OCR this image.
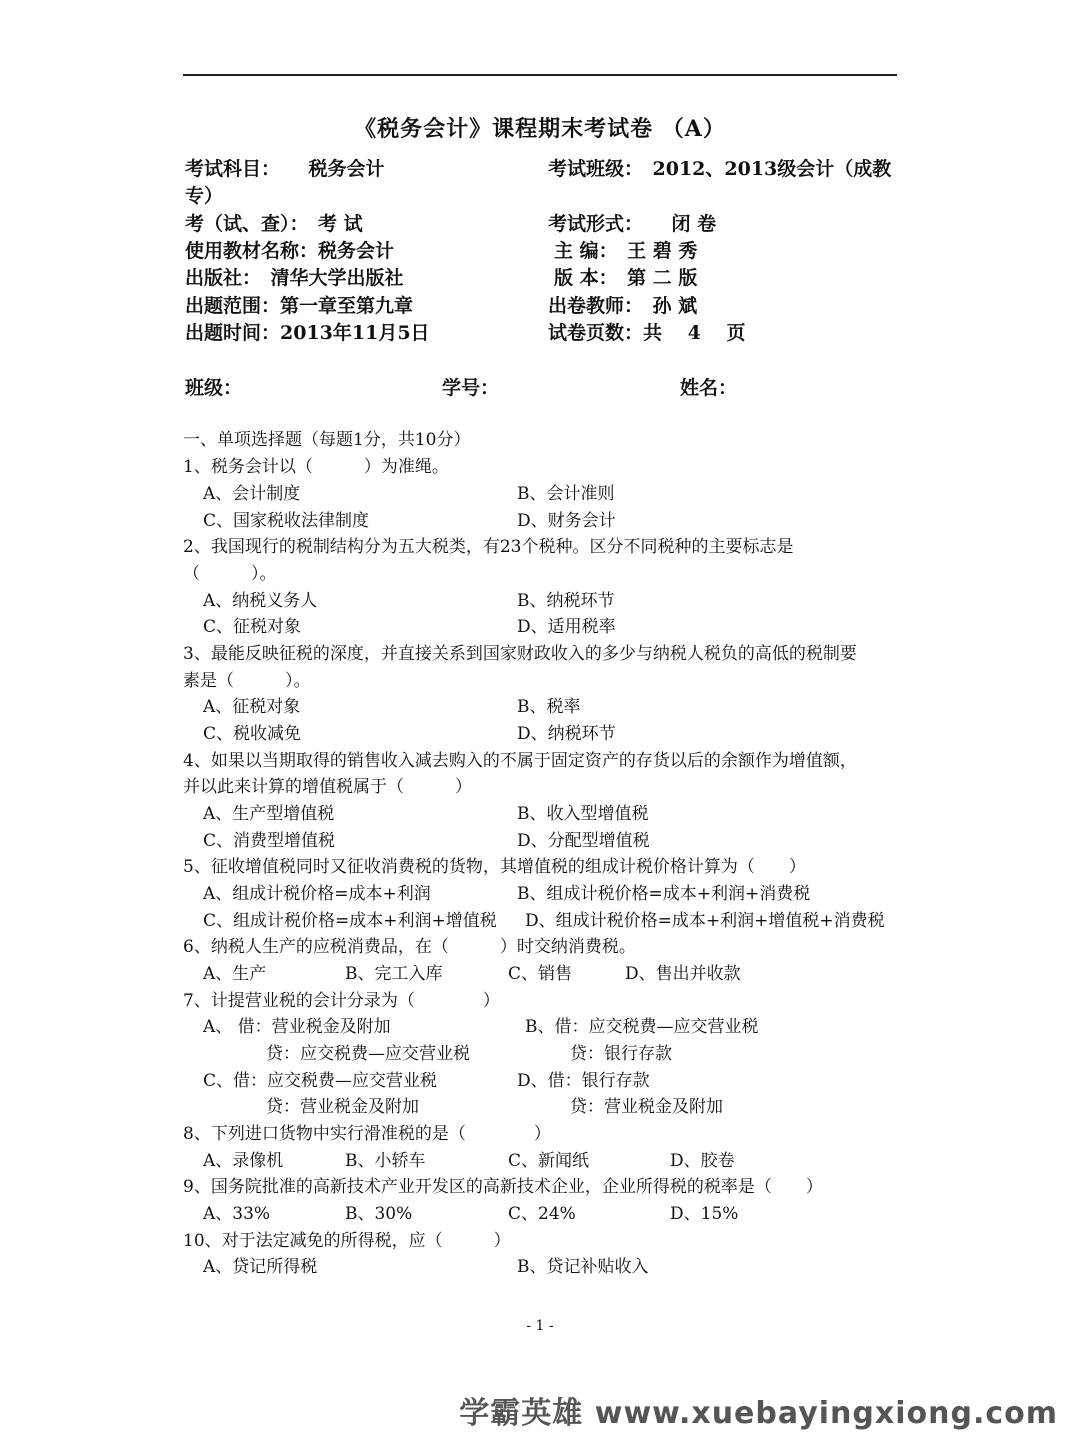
《税务会计》课程期末考试卷 （A）
考试科目：　　税务会计	考试班级：　2012、2013级会计（成教
专）
考（试、查）：　考 试	考试形式：　　闭 卷
使用教材名称：税务会计	主 编：　王 碧 秀
出版社：　清华大学出版社	版 本：　第 二 版
出题范围：第一章至第九章	出卷教师：　孙 斌
出题时间：2013年11月5日	试卷页数：共　 4　 页
班级：	学号：	姓名：
一、单项选择题（每题1分，共10分）
1、税务会计以（　　　）为准绳。
A、会计制度	B、会计准则
C、国家税收法律制度	D、财务会计
2、我国现行的税制结构分为五大税类，有23个税种。区分不同税种的主要标志是
（　　　）。
A、纳税义务人	B、纳税环节
C、征税对象	D、适用税率
3、最能反映征税的深度，并直接关系到国家财政收入的多少与纳税人税负的高低的税制要
素是（　　　）。
A、征税对象	B、税率
C、税收减免	D、纳税环节
4、如果以当期取得的销售收入减去购入的不属于固定资产的存货以后的余额作为增值额，
并以此来计算的增值税属于（　　　）
A、生产型增值税	B、收入型增值税
C、消费型增值税	D、分配型增值税
5、征收增值税同时又征收消费税的货物，其增值税的组成计税价格计算为（　　）
A、组成计税价格=成本+利润	B、组成计税价格=成本+利润+消费税
C、组成计税价格=成本+利润+增值税 D、组成计税价格=成本+利润+增值税+消费税
6、纳税人生产的应税消费品，在（　　　）时交纳消费税。
A、生产	B、完工入库	C、销售	D、售出并收款
7、计提营业税的会计分录为（　　　　）
A、 借：营业税金及附加	B、借：应交税费—应交营业税
贷：应交税费—应交营业税	贷：银行存款
C、借：应交税费—应交营业税	D、借：银行存款
贷：营业税金及附加	贷：营业税金及附加
8、下列进口货物中实行滑准税的是（　　　　）
A、录像机	B、小轿车	C、新闻纸	D、胶卷
9、国务院批准的高新技术产业开发区的高新技术企业，企业所得税的税率是（　　）
A、33%	B、30%	C、24%	D、15%
10、对于法定减免的所得税，应（　　　）
A、贷记所得税	B、贷记补贴收入
- 1 -
学霸英雄 www.xuebayingxiong.com
